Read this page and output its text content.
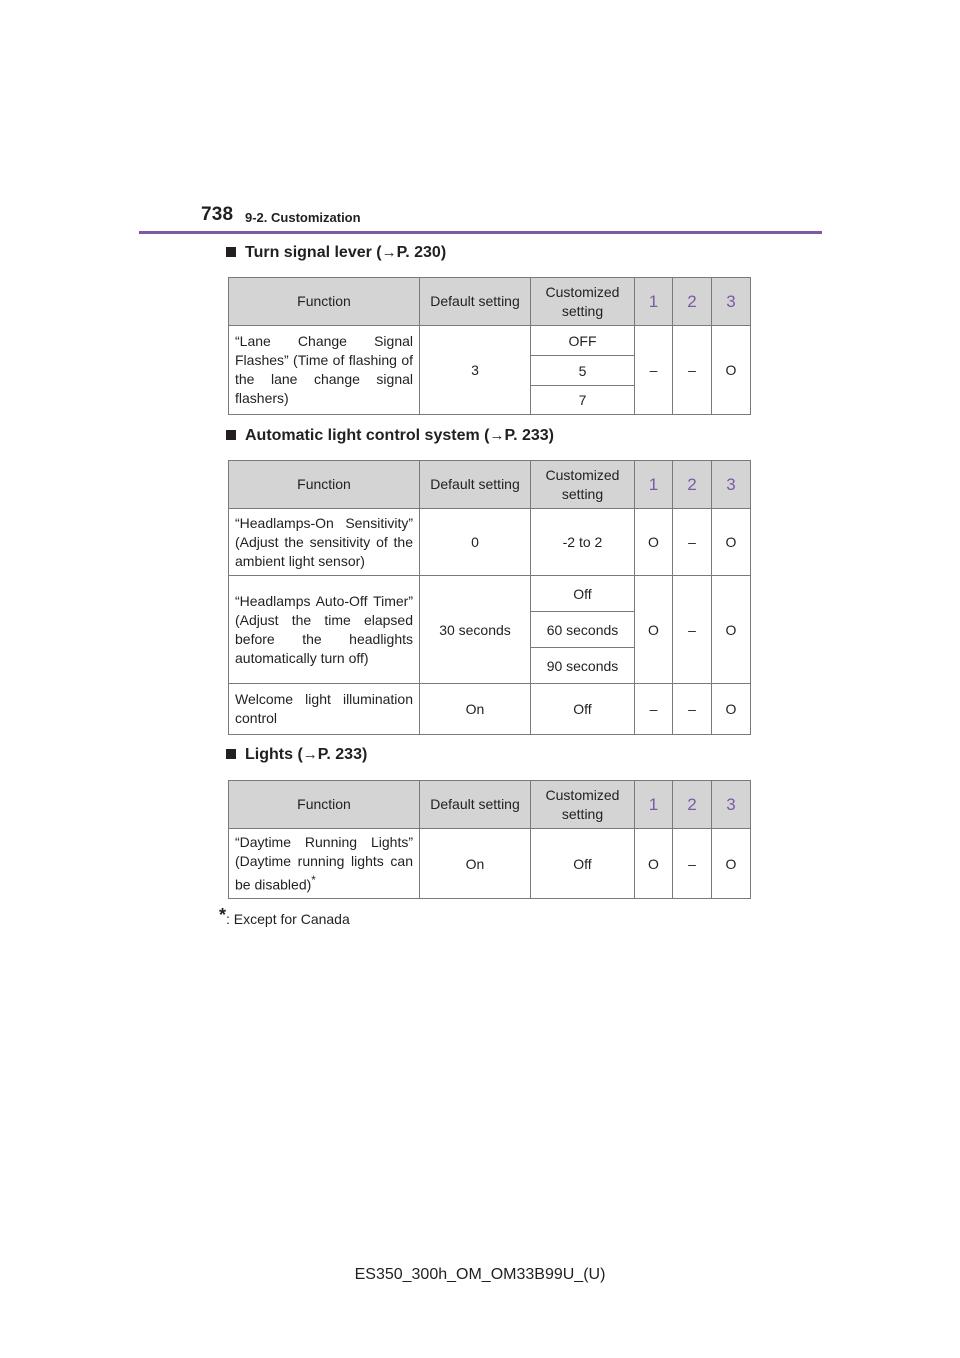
738 9-2. Customization
Turn signal lever (→P. 230)
Function	Default setting	Customized setting	1	2	3
“Lane Change Signal Flashes” (Time of flashing of the lane change signal flashers)	3	OFF	–	–	O
		5			
		7			
Automatic light control system (→P. 233)
Function	Default setting	Customized setting	1	2	3
“Headlamps-On Sensitivity” (Adjust the sensitivity of the ambient light sensor)	0	-2 to 2	O	–	O
“Headlamps Auto-Off Timer” (Adjust the time elapsed before the headlights automatically turn off)	30 seconds	Off	O	–	O
		60 seconds			
		90 seconds			
Welcome light illumination control	On	Off	–	–	O
Lights (→P. 233)
Function	Default setting	Customized setting	1	2	3
“Daytime Running Lights” (Daytime running lights can be disabled)*	On	Off	O	–	O
*: Except for Canada
ES350_300h_OM_OM33B99U_(U)
